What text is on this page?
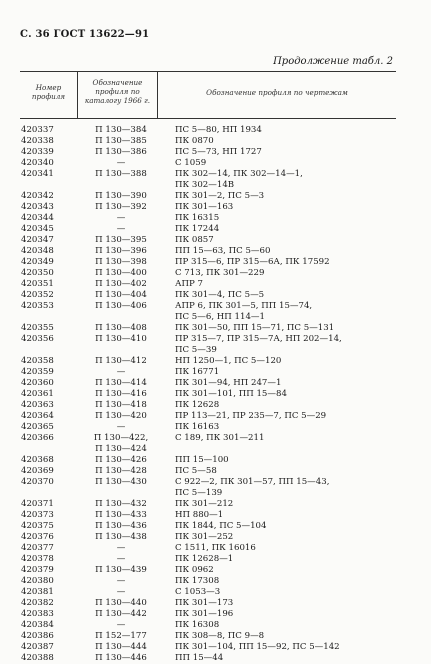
С. 36 ГОСТ 13622—91
Продолжение табл. 2
Номер профиля
Обозначение профиля по каталогу 1966 г.
Обозначение профиля по чертежам
420337	П 130—384	ПС 5—80, НП 1934
420338	П 130—385	ПК 0870
420339	П 130—386	ПС 5—73, НП 1727
420340	—	С 1059
420341	П 130—388	ПК 302—14, ПК 302—14—1,
ПК 302—14В
420342	П 130—390	ПК 301—2, ПС 5—3
420343	П 130—392	ПК 301—163
420344	—	ПК 16315
420345	—	ПК 17244
420347	П 130—395	ПК 0857
420348	П 130—396	ПП 15—63, ПС 5—60
420349	П 130—398	ПР 315—6, ПР 315—6А, ПК 17592
420350	П 130—400	С 713, ПК 301—229
420351	П 130—402	АПР 7
420352	П 130—404	ПК 301—4, ПС 5—5
420353	П 130—406	АПР 6, ПК 301—5, ПП 15—74,
ПС 5—6, НП 114—1
420355	П 130—408	ПК 301—50, ПП 15—71, ПС 5—131
420356	П 130—410	ПР 315—7, ПР 315—7А, НП 202—14,
ПС 5—39
420358	П 130—412	НП 1250—1, ПС 5—120
420359	—	ПК 16771
420360	П 130—414	ПК 301—94, НП 247—1
420361	П 130—416	ПК 301—101, ПП 15—84
420363	П 130—418	ПК 12628
420364	П 130—420	ПР 113—21, ПР 235—7, ПС 5—29
420365	—	ПК 16163
420366	П 130—422,	С 189, ПК 301—211
П 130—424
420368	П 130—426	ПП 15—100
420369	П 130—428	ПС 5—58
420370	П 130—430	С 922—2, ПК 301—57, ПП 15—43,
ПС 5—139
420371	П 130—432	ПК 301—212
420373	П 130—433	НП 880—1
420375	П 130—436	ПК 1844, ПС 5—104
420376	П 130—438	ПК 301—252
420377	—	С 1511, ПК 16016
420378	—	ПК 12628—1
420379	П 130—439	ПК 0962
420380	—	ПК 17308
420381	—	С 1053—3
420382	П 130—440	ПК 301—173
420383	П 130—442	ПК 301—196
420384	—	ПК 16308
420386	П 152—177	ПК 308—8, ПС 9—8
420387	П 130—444	ПК 301—104, ПП 15—92, ПС 5—142
420388	П 130—446	ПП 15—44
